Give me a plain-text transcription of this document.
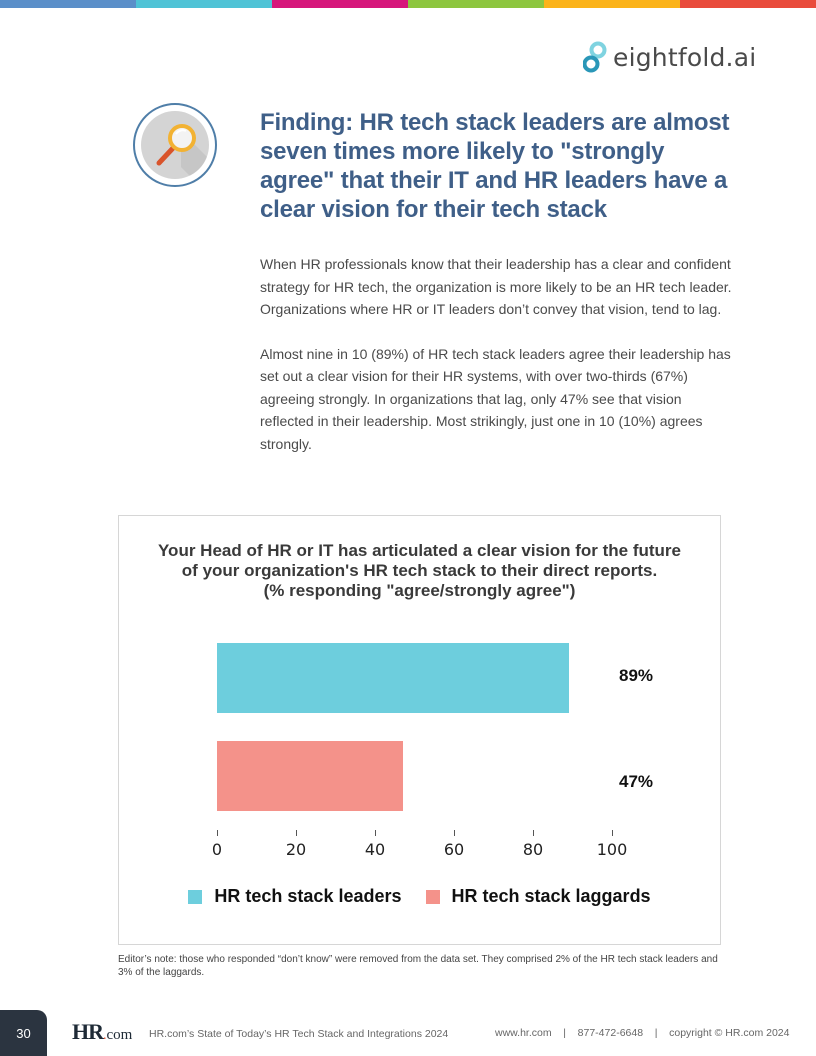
eightfold.ai
Finding: HR tech stack leaders are almost seven times more likely to "strongly agree" that their IT and HR leaders have a clear vision for their tech stack

When HR professionals know that their leadership has a clear and confident strategy for HR tech, the organization is more likely to be an HR tech leader. Organizations where HR or IT leaders don’t convey that vision, tend to lag.

Almost nine in 10 (89%) of HR tech stack leaders agree their leadership has set out a clear vision for their HR systems, with over two-thirds (67%) agreeing strongly. In organizations that lag, only 47% see that vision reflected in their leadership. Most strikingly, just one in 10 (10%) agrees strongly.

Your Head of HR or IT has articulated a clear vision for the future of your organization's HR tech stack to their direct reports.
(% responding "agree/strongly agree")
89%
47%
0	20	40	60	80	100
HR tech stack leaders	HR tech stack laggards
Editor’s note: those who responded “don’t know” were removed from the data set. They comprised 2% of the HR tech stack leaders and 3% of the laggards.
30	HR . com HR.com’s State of Today’s HR Tech Stack and Integrations 2024	www.hr.com    |    877-472-6648    |    copyright © HR.com 2024
